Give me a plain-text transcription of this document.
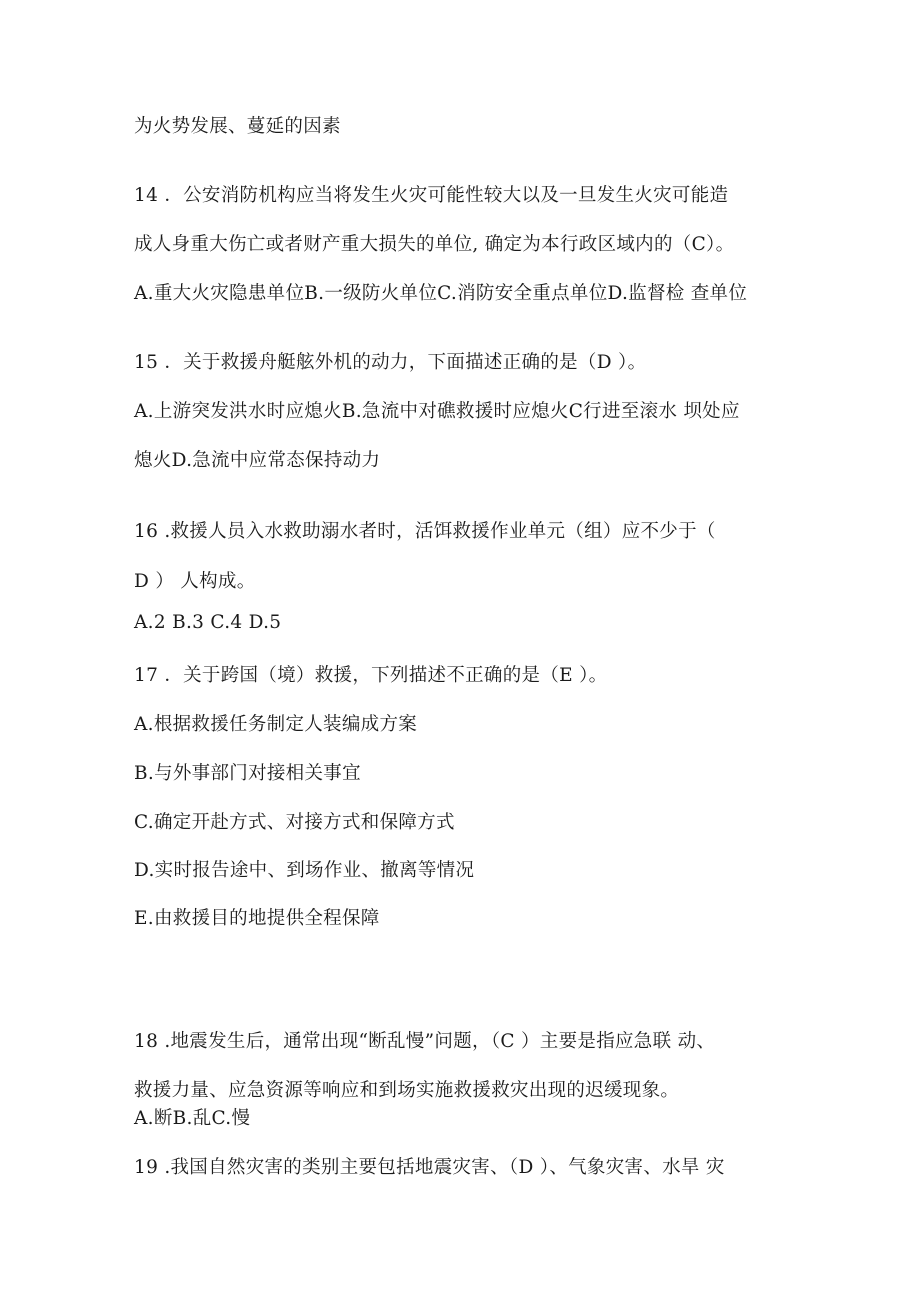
为火势发展、蔓延的因素
14 ．公安消防机构应当将发生火灾可能性较大以及一旦发生火灾可能造
成人身重大伤亡或者财产重大损失的单位, 确定为本行政区域内的（C）。
A.重大火灾隐患单位B.一级防火单位C.消防安全重点单位D.监督检 查单位
15 ．关于救援舟艇舷外机的动力，下面描述正确的是（D ）。
A.上游突发洪水时应熄火B.急流中对礁救援时应熄火C行进至滚水 坝处应
熄火D.急流中应常态保持动力
16 .救援人员入水救助溺水者时，活饵救援作业单元（组）应不少于（
D ） 人构成。
A.2 B.3 C.4 D.5
17 ．关于跨国（境）救援，下列描述不正确的是（E ）。
A.根据救援任务制定人装编成方案
B.与外事部门对接相关事宜
C.确定开赴方式、对接方式和保障方式
D.实时报告途中、到场作业、撤离等情况
E.由救援目的地提供全程保障
18 .地震发生后，通常出现“断乱慢”问题，（C ）主要是指应急联 动、
救援力量、应急资源等响应和到场实施救援救灾出现的迟缓现象。
A.断B.乱C.慢
19 .我国自然灾害的类别主要包括地震灾害、（D ）、气象灾害、水旱 灾
